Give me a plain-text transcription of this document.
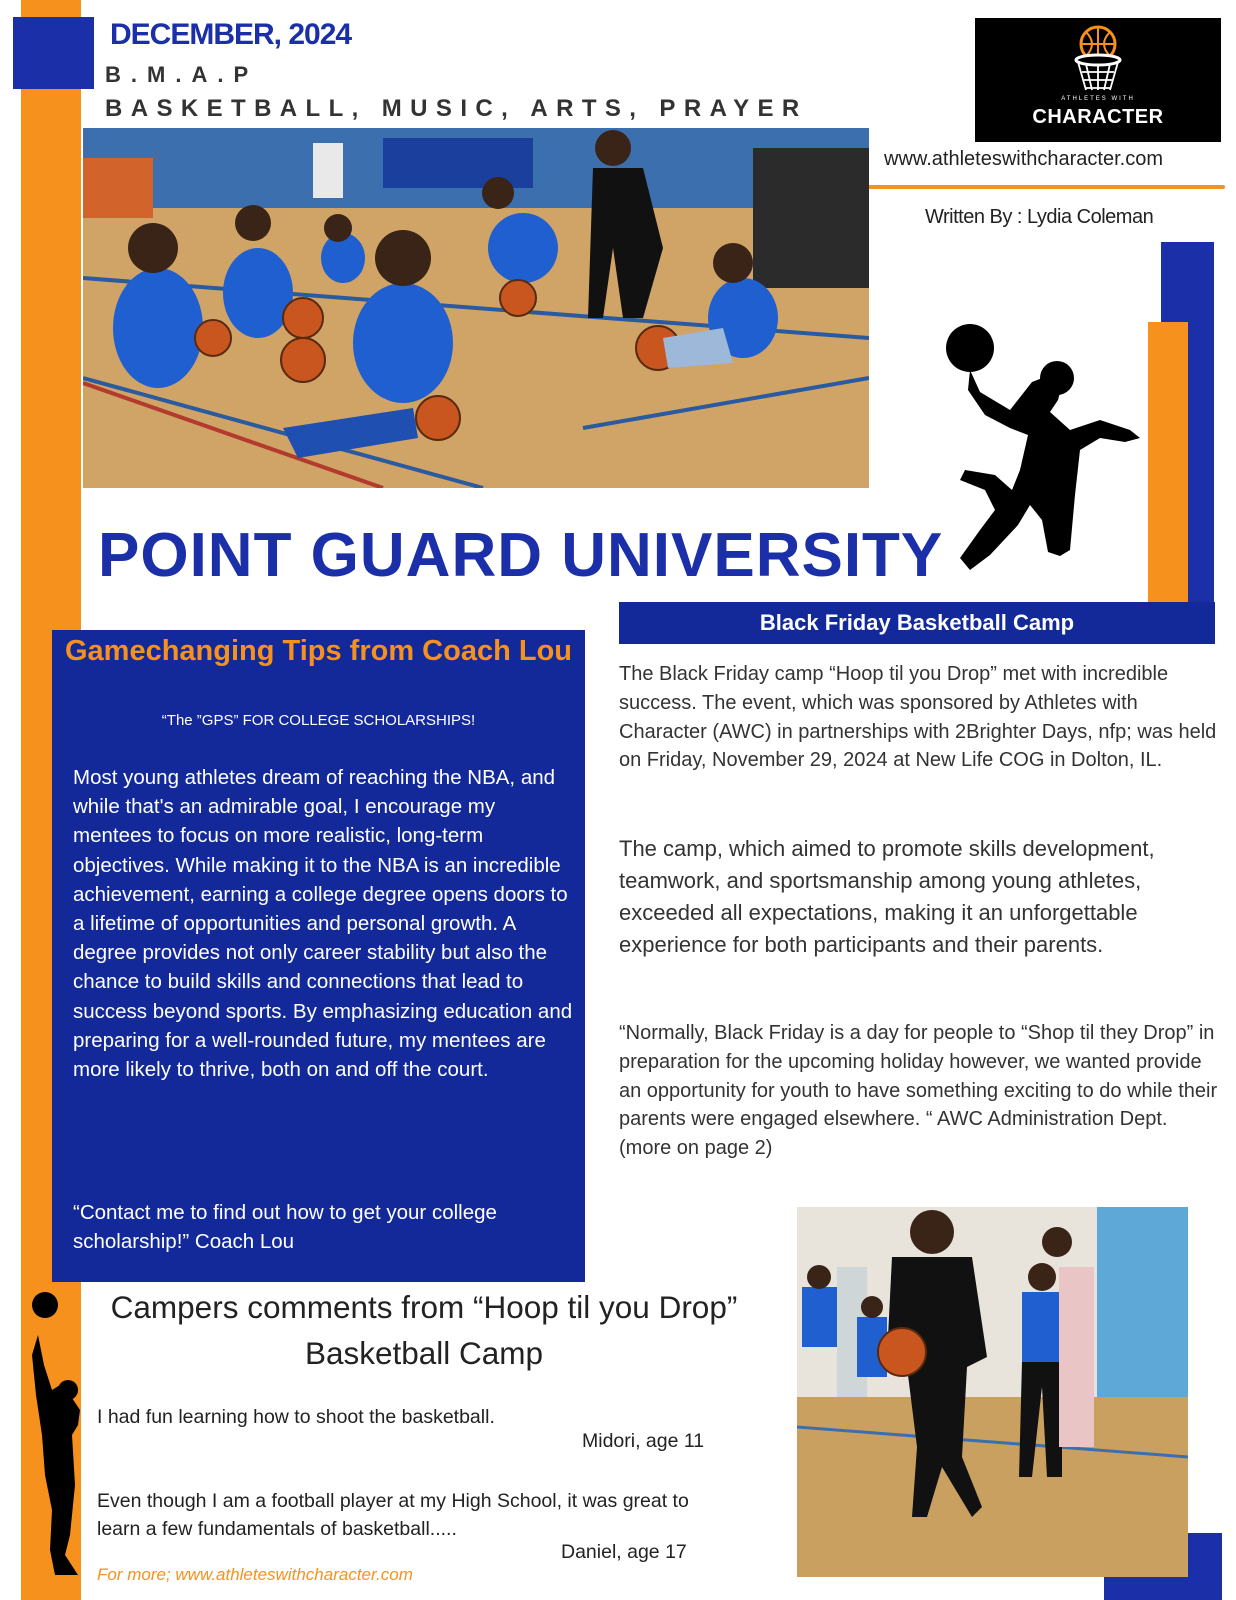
DECEMBER, 2024
B.M.A.P
BASKETBALL, MUSIC, ARTS, PRAYER	ATHLETES WITH
CHARACTER
www.athleteswithcharacter.com
Written By : Lydia Coleman
POINT GUARD UNIVERSITY
Gamechanging Tips from Coach Lou
“The ”GPS” FOR COLLEGE SCHOLARSHIPS!
Most young athletes dream of reaching the NBA, and while that's an admirable goal, I encourage my mentees to focus on more realistic, long-term objectives. While making it to the NBA is an incredible achievement, earning a college degree opens doors to a lifetime of opportunities and personal growth. A degree provides not only career stability but also the chance to build skills and connections that lead to success beyond sports. By emphasizing education and preparing for a well-rounded future, my mentees are more likely to thrive, both on and off the court.
“Contact me to find out how to get your college scholarship!” Coach Lou
Black Friday Basketball Camp
The Black Friday camp “Hoop til you Drop” met with incredible success. The event, which was sponsored by Athletes with Character (AWC) in partnerships with 2Brighter Days, nfp; was held on Friday, November 29, 2024 at New Life COG in Dolton, IL.
The camp, which aimed to promote skills development, teamwork, and sportsmanship among young athletes, exceeded all expectations, making it an unforgettable experience for both participants and their parents.
“Normally, Black Friday is a day for people to “Shop til they Drop” in preparation for the upcoming holiday however, we wanted provide an opportunity for youth to have something exciting to do while their parents were engaged elsewhere. “ AWC Administration Dept. (more on page 2)
Campers comments from “Hoop til you Drop” Basketball Camp
I had fun learning how to shoot the basketball.
Midori, age 11
Even though I am a football player at my High School, it was great to learn a few fundamentals of basketball.....
Daniel, age 17
For more; www.athleteswithcharacter.com
